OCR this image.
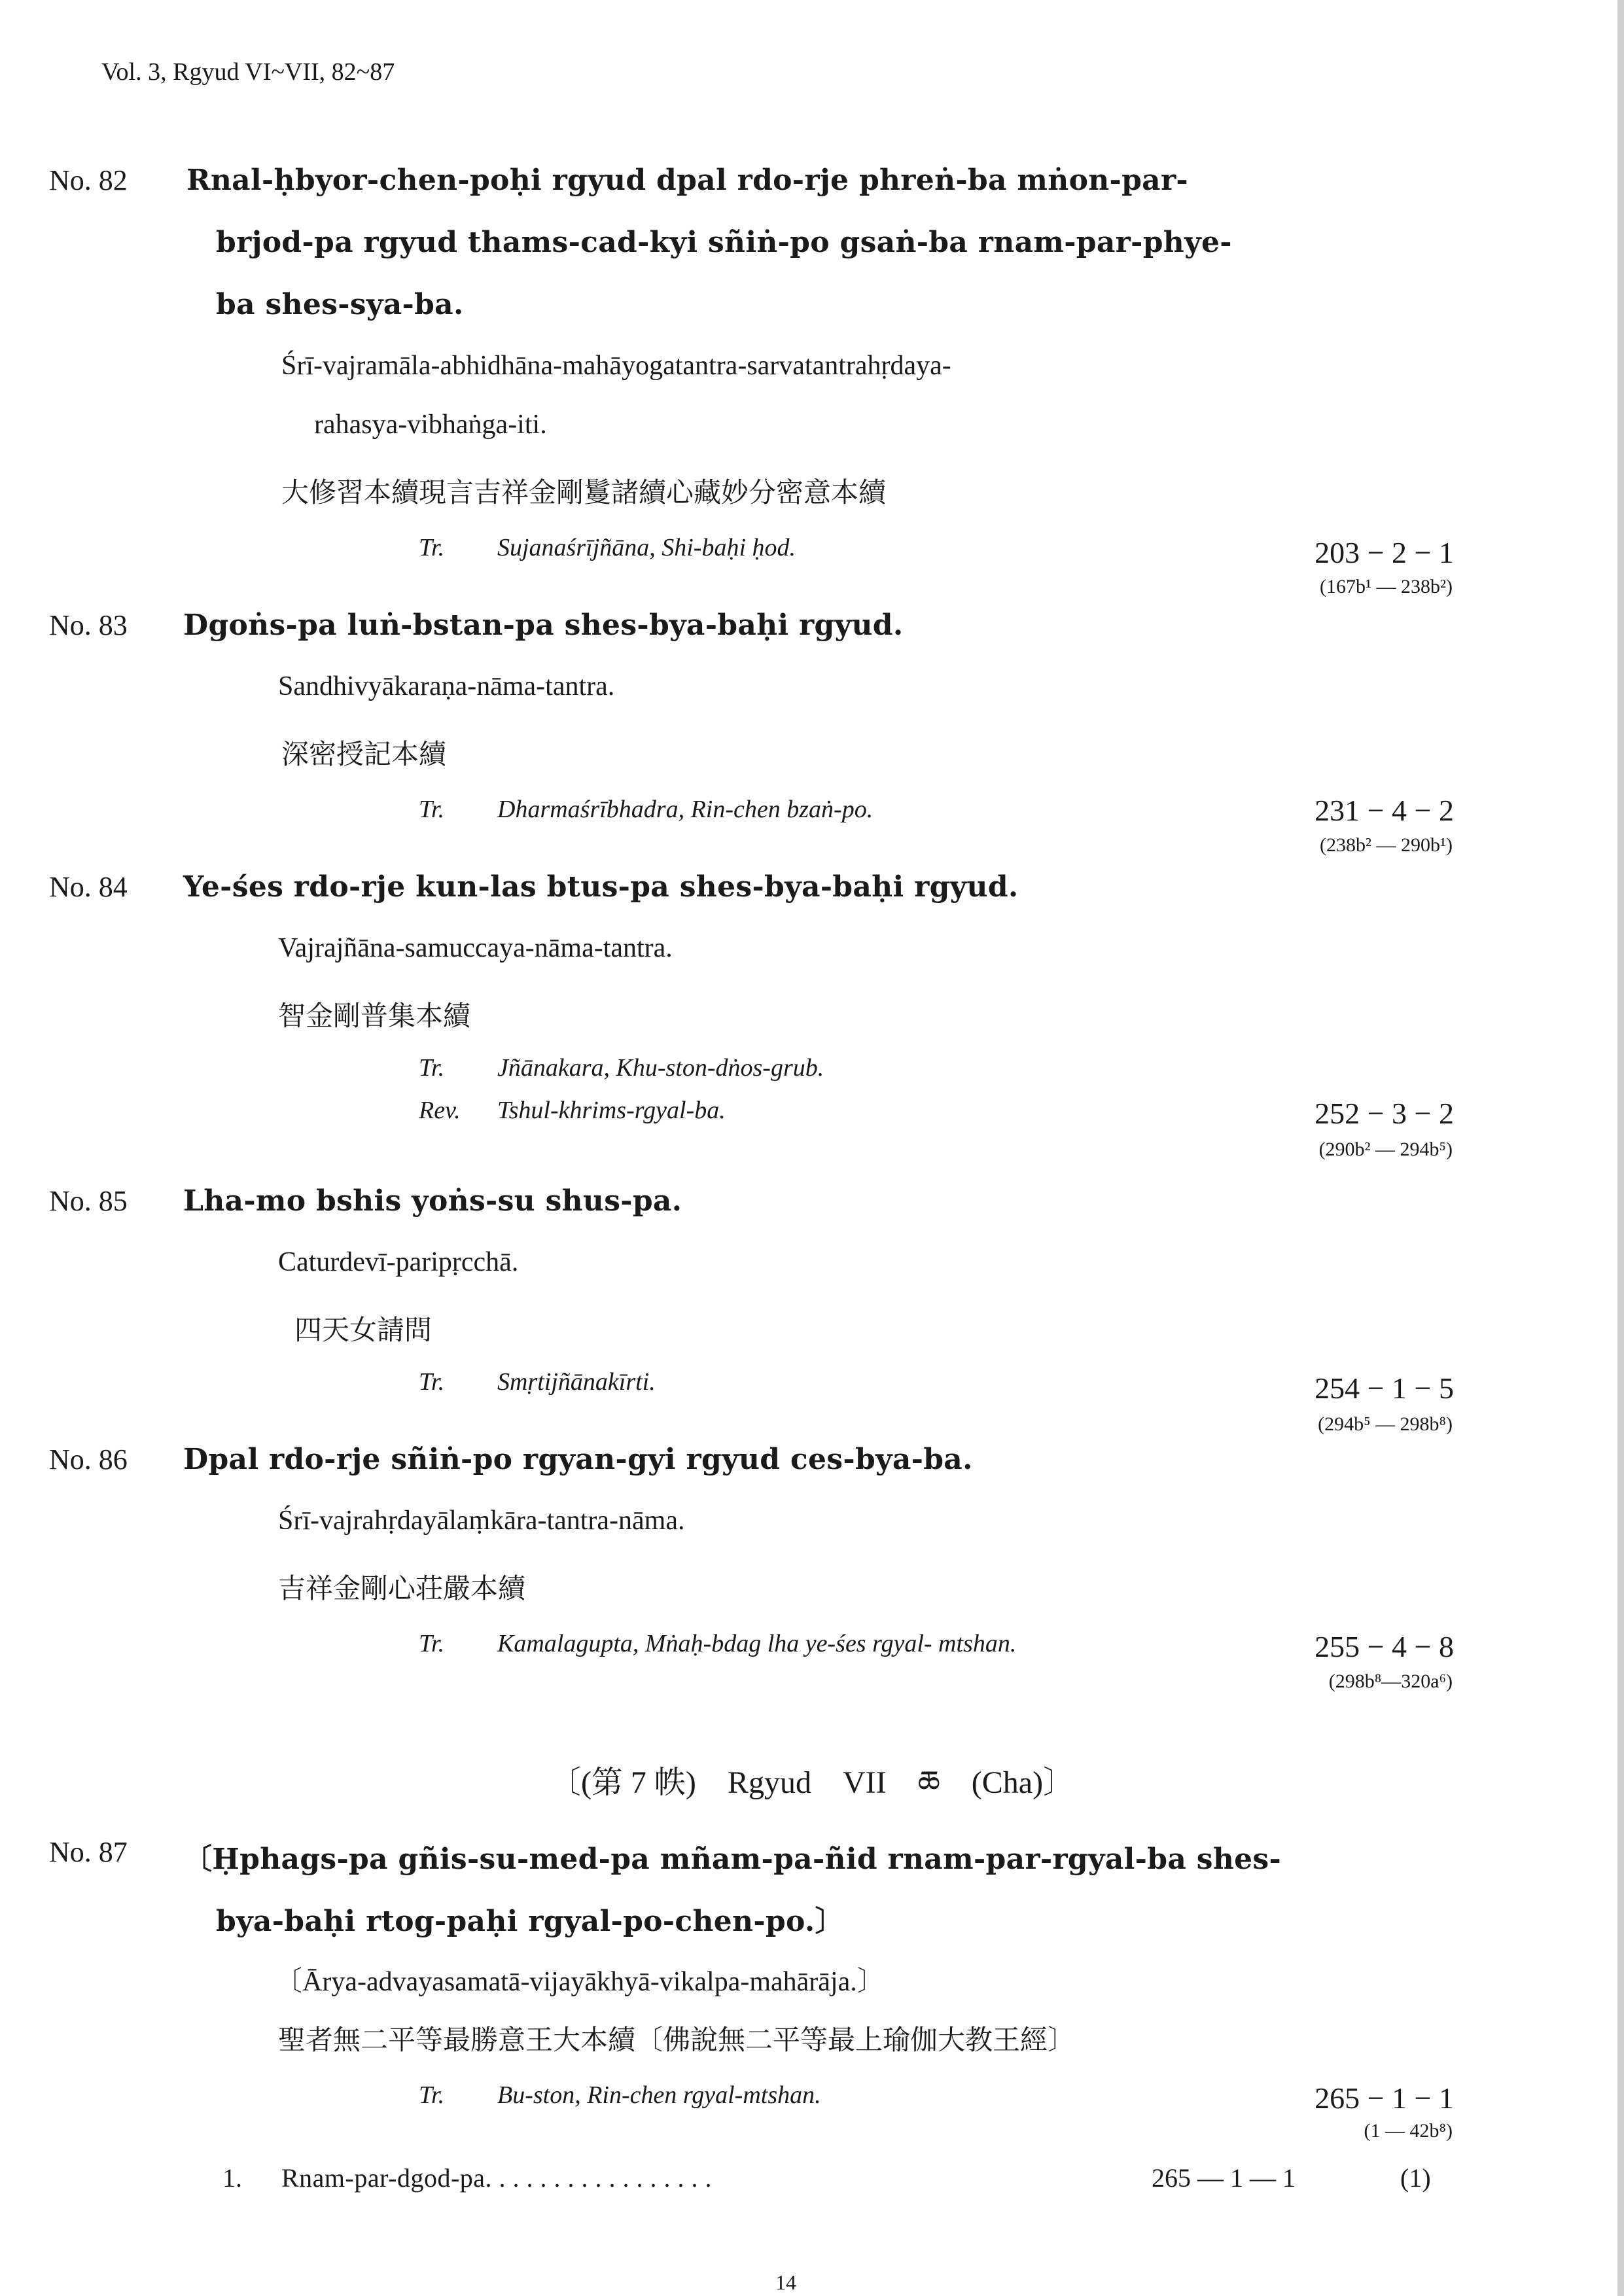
Vol. 3, Rgyud VI~VII, 82~87
No. 82 Rnal-ḥbyor-chen-poḥi rgyud dpal rdo-rje phreṅ-ba mṅon-par-
brjod-pa rgyud thams-cad-kyi sñiṅ-po gsaṅ-ba rnam-par-phye-
ba shes-sya-ba.
Śrī-vajramāla-abhidhāna-mahāyogatantra-sarvatantrahṛdaya-
rahasya-vibhaṅga-iti.
大修習本續現言吉祥金剛鬘諸續心藏妙分密意本續
Tr. Sujanaśrījñāna, Shi-baḥi ḥod.	203 − 2 − 1
(167b¹ — 238b²)
No. 83 Dgoṅs-pa luṅ-bstan-pa shes-bya-baḥi rgyud.
Sandhivyākaraṇa-nāma-tantra.
深密授記本續
Tr. Dharmaśrībhadra, Rin-chen bzaṅ-po.	231 − 4 − 2
(238b² — 290b¹)
No. 84 Ye-śes rdo-rje kun-las btus-pa shes-bya-baḥi rgyud.
Vajrajñāna-samuccaya-nāma-tantra.
智金剛普集本續
Tr. Jñānakara, Khu-ston-dṅos-grub.
Rev. Tshul-khrims-rgyal-ba.	252 − 3 − 2
(290b² — 294b⁵)
No. 85 Lha-mo bshis yoṅs-su shus-pa.
Caturdevī-paripṛcchā.
四天女請問
Tr. Smṛtijñānakīrti.	254 − 1 − 5
(294b⁵ — 298b⁸)
No. 86 Dpal rdo-rje sñiṅ-po rgyan-gyi rgyud ces-bya-ba.
Śrī-vajrahṛdayālaṃkāra-tantra-nāma.
吉祥金剛心荘嚴本續
Tr. Kamalagupta, Mṅaḥ-bdag lha ye-śes rgyal- mtshan.	255 − 4 − 8
(298b⁸—320a⁶)
〔(第 7 帙) Rgyud VII ཆ (Cha)〕
No. 87 〔Ḥphags-pa gñis-su-med-pa mñam-pa-ñid rnam-par-rgyal-ba shes-
bya-baḥi rtog-paḥi rgyal-po-chen-po.〕
〔Ārya-advayasamatā-vijayākhyā-vikalpa-mahārāja.〕
聖者無二平等最勝意王大本續〔佛說無二平等最上瑜伽大教王經〕
Tr. Bu-ston, Rin-chen rgyal-mtshan.	265 − 1 − 1
(1 — 42b⁸)
1. Rnam-par-dgod-pa. . . . . . . . . . . . . . . . .	265 — 1 — 1	(1)
14
